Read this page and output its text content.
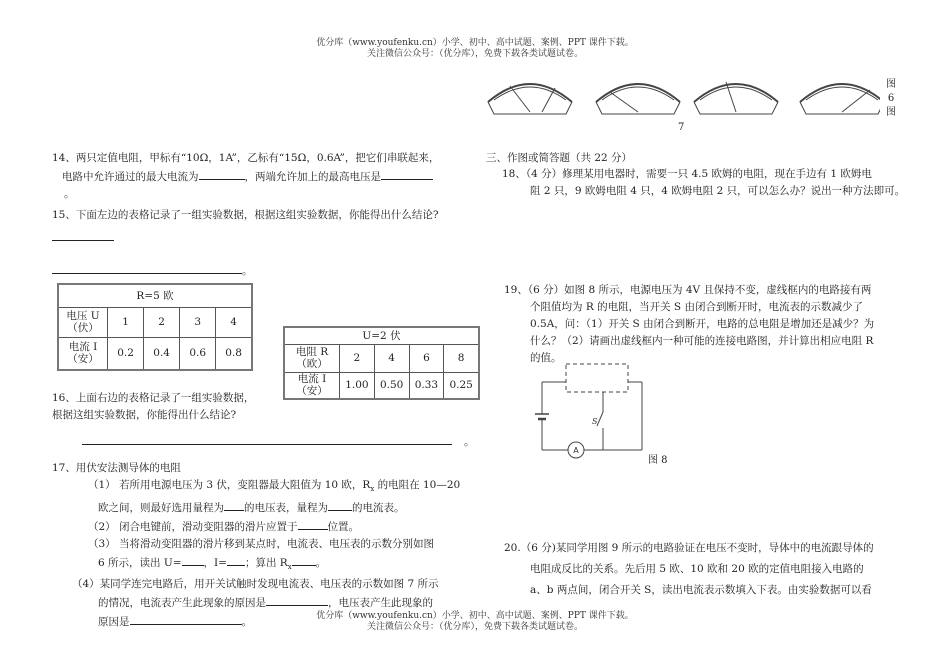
优分库（www.youfenku.cn）小学、初中、高中试题、案例、PPT 课件下载。
关注微信公众号：（优分库），免费下载各类试题试卷。
图
6
图
7
14、两只定值电阻，甲标有“10Ω，1A”，乙标有“15Ω，0.6A”，把它们串联起来，
电路中允许通过的最大电流为	，两端允许加上的最高电压是
。
15、下面左边的表格记录了一组实验数据，根据这组实验数据，你能得出什么结论?
。
R=5 欧				
电压 U（伏）	1	2	3	4
电流 I（安）	0.2	0.4	0.6	0.8
U=2 伏				
电阻 R（欧）	2	4	6	8
电流 I（安）	1.00	0.50	0.33	0.25
16、上面右边的表格记录了一组实验数据，
根据这组实验数据，你能得出什么结论?
。
17、用伏安法测导体的电阻
（1） 若所用电源电压为 3 伏，变阻器最大阻值为 10 欧，$R_x$ 的电阻在 10—20
欧之间，则最好选用量程为 的电压表，量程为 的电流表。
（2） 闭合电键前，滑动变阻器的滑片应置于	位置。
（3） 当将滑动变阻器的滑片移到某点时，电流表、电压表的示数分别如图
6 所示，读出 U= ，I= ；算出 $R_x$ 。
（4）某同学连完电路后，用开关试触时发现电流表、电压表的示数如图 7 所示
的情况，电流表产生此现象的原因是	，电压表产生此现象的
原因是	。
三、作图或简答题（共 22 分）
18、（4 分）修理某用电器时，需要一只 4.5 欧姆的电阻，现在手边有 1 欧姆电
阻 2 只，9 欧姆电阻 4 只，4 欧姆电阻 2 只，可以怎么办？说出一种方法即可。
19、（6 分）如图 8 所示，电源电压为 4V 且保持不变，虚线框内的电路接有两
个阻值均为 R 的电阻，当开关 S 由闭合到断开时，电流表的示数减少了
0.5A，问：（1）开关 S 由闭合到断开，电路的总电阻是增加还是减少？为
什么？（2）请画出虚线框内一种可能的连接电路图，并计算出相应电阻 R
的值。
A
S
图 8
20.（6 分)某同学用图 9 所示的电路验证在电压不变时，导体中的电流跟导体的
电阻成反比的关系。先后用 5 欧、10 欧和 20 欧的定值电阻接入电路的
a、b 两点间，闭合开关 S，读出电流表示数填入下表。由实验数据可以看
优分库（www.youfenku.cn）小学、初中、高中试题、案例、PPT 课件下载。
关注微信公众号：（优分库），免费下载各类试题试卷。
